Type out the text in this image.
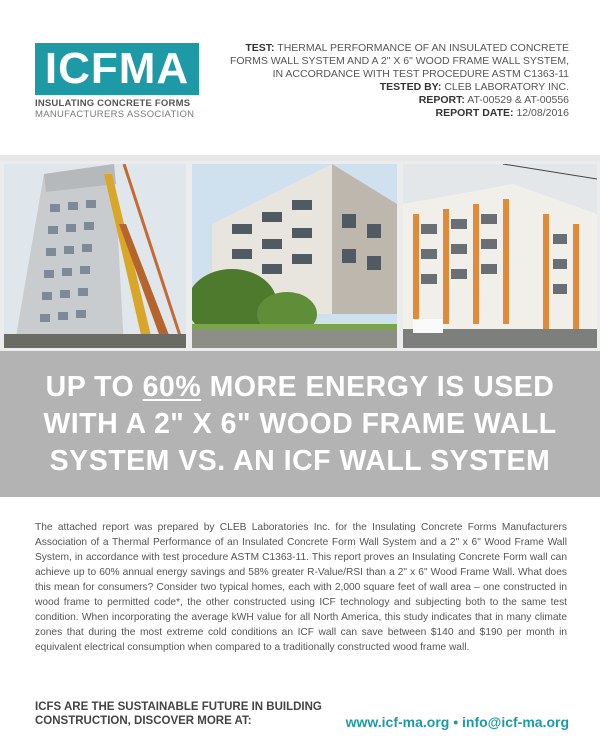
ICFMA
INSULATING CONCRETE FORMS
MANUFACTURERS ASSOCIATION
TEST: THERMAL PERFORMANCE OF AN INSULATED CONCRETE FORMS WALL SYSTEM AND A 2" X 6" WOOD FRAME WALL SYSTEM, IN ACCORDANCE WITH TEST PROCEDURE ASTM C1363-11
TESTED BY: CLEB LABORATORY INC.
REPORT: AT-00529 & AT-00556
REPORT DATE: 12/08/2016
UP TO 60% MORE ENERGY IS USED
WITH A 2" X 6" WOOD FRAME WALL
SYSTEM VS. AN ICF WALL SYSTEM

The attached report was prepared by CLEB Laboratories Inc. for the Insulating Concrete Forms Manufacturers Association of a Thermal Performance of an Insulated Concrete Form Wall System and a 2" x 6" Wood Frame Wall System, in accordance with test procedure ASTM C1363-11. This report proves an Insulating Concrete Form wall can achieve up to 60% annual energy savings and 58% greater R-Value/RSI than a 2" x 6" Wood Frame Wall. What does this mean for consumers? Consider two typical homes, each with 2,000 square feet of wall area – one constructed in wood frame to permitted code*, the other constructed using ICF technology and subjecting both to the same test condition. When incorporating the average kWH value for all North America, this study indicates that in many climate zones that during the most extreme cold conditions an ICF wall can save between $140 and $190 per month in equivalent electrical consumption when compared to a traditionally constructed wood frame wall.

ICFS ARE THE SUSTAINABLE FUTURE IN BUILDING
CONSTRUCTION, DISCOVER MORE AT:	www.icf-ma.org • info@icf-ma.org
